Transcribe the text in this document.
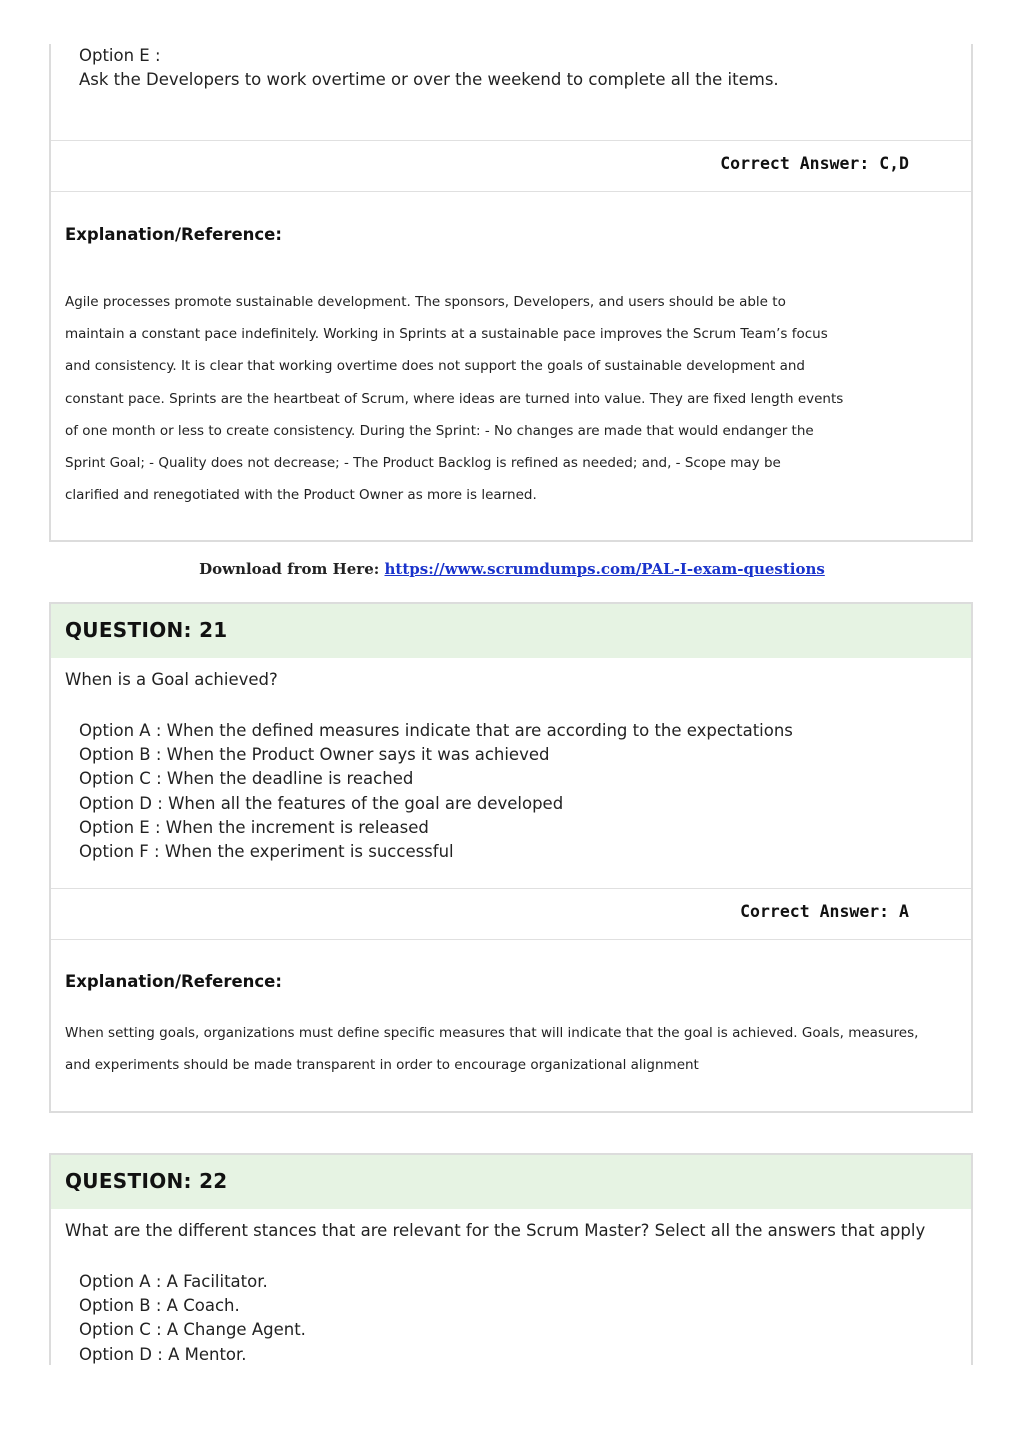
Option E :
Ask the Developers to work overtime or over the weekend to complete all the items.
Correct Answer: C,D
Explanation/Reference:
Agile processes promote sustainable development. The sponsors, Developers, and users should be able to
maintain a constant pace indefinitely. Working in Sprints at a sustainable pace improves the Scrum Team’s focus
and consistency. It is clear that working overtime does not support the goals of sustainable development and
constant pace. Sprints are the heartbeat of Scrum, where ideas are turned into value. They are fixed length events
of one month or less to create consistency. During the Sprint: - No changes are made that would endanger the
Sprint Goal; - Quality does not decrease; - The Product Backlog is refined as needed; and, - Scope may be
clarified and renegotiated with the Product Owner as more is learned.
Download from Here: https://www.scrumdumps.com/PAL-I-exam-questions
QUESTION: 21
When is a Goal achieved?
Option A : When the defined measures indicate that are according to the expectations
Option B : When the Product Owner says it was achieved
Option C : When the deadline is reached
Option D : When all the features of the goal are developed
Option E : When the increment is released
Option F : When the experiment is successful
Correct Answer: A
Explanation/Reference:
When setting goals, organizations must define specific measures that will indicate that the goal is achieved. Goals, measures,
and experiments should be made transparent in order to encourage organizational alignment
QUESTION: 22
What are the different stances that are relevant for the Scrum Master? Select all the answers that apply
Option A : A Facilitator.
Option B : A Coach.
Option C : A Change Agent.
Option D : A Mentor.
